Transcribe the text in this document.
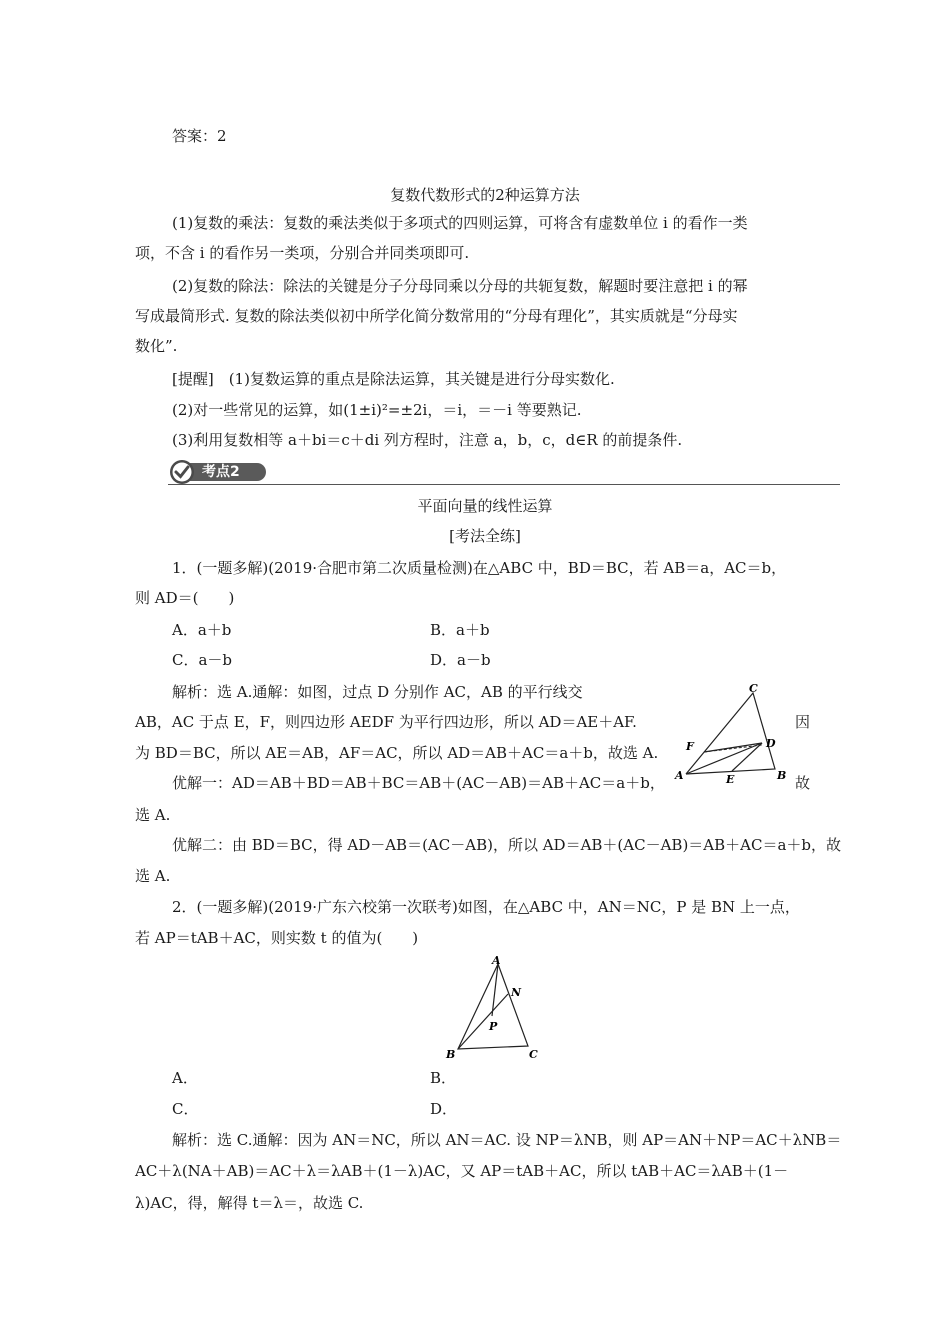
答案：2
复数代数形式的2种运算方法
(1)复数的乘法：复数的乘法类似于多项式的四则运算，可将含有虚数单位 i 的看作一类
项，不含 i 的看作另一类项，分别合并同类项即可.
(2)复数的除法：除法的关键是分子分母同乘以分母的共轭复数，解题时要注意把 i 的幂
写成最简形式. 复数的除法类似初中所学化简分数常用的“分母有理化”，其实质就是“分母实
数化”.
[提醒]　(1)复数运算的重点是除法运算，其关键是进行分母实数化.
(2)对一些常见的运算，如(1±i)²=±2i，＝i，＝－i 等要熟记.
(3)利用复数相等 a＋bi＝c＋di 列方程时，注意 a，b，c，d∈R 的前提条件.
考点2
平面向量的线性运算
[考法全练]
1．(一题多解)(2019·合肥市第二次质量检测)在△ABC 中，BD＝BC，若 AB＝a，AC＝b，
则 AD＝(　　)
A．a＋b	B．a＋b
C．a－b	D．a－b
解析：选 A.通解：如图，过点 D 分别作 AC，AB 的平行线交
AB，AC 于点 E，F，则四边形 AEDF 为平行四边形，所以 AD＝AE＋AF.	因
为 BD＝BC，所以 AE＝AB，AF＝AC，所以 AD＝AB＋AC＝a＋b，故选 A.
优解一：AD＝AB＋BD＝AB＋BC＝AB＋(AC－AB)＝AB＋AC＝a＋b，	故
选 A.
优解二：由 BD＝BC，得 AD－AB＝(AC－AB)，所以 AD＝AB＋(AC－AB)＝AB＋AC＝a＋b，故
选 A.
A	B
C
D
E
F
2．(一题多解)(2019·广东六校第一次联考)如图，在△ABC 中，AN＝NC，P 是 BN 上一点，
若 AP＝tAB＋AC，则实数 t 的值为(　　)
A
B	C
N
P
A．	B．
C．	D．
解析：选 C.通解：因为 AN＝NC，所以 AN＝AC. 设 NP＝λNB，则 AP＝AN＋NP＝AC＋λNB＝
AC＋λ(NA＋AB)＝AC＋λ＝λAB＋(1－λ)AC，又 AP＝tAB＋AC，所以 tAB＋AC＝λAB＋(1－
λ)AC，得，解得 t＝λ＝，故选 C.
